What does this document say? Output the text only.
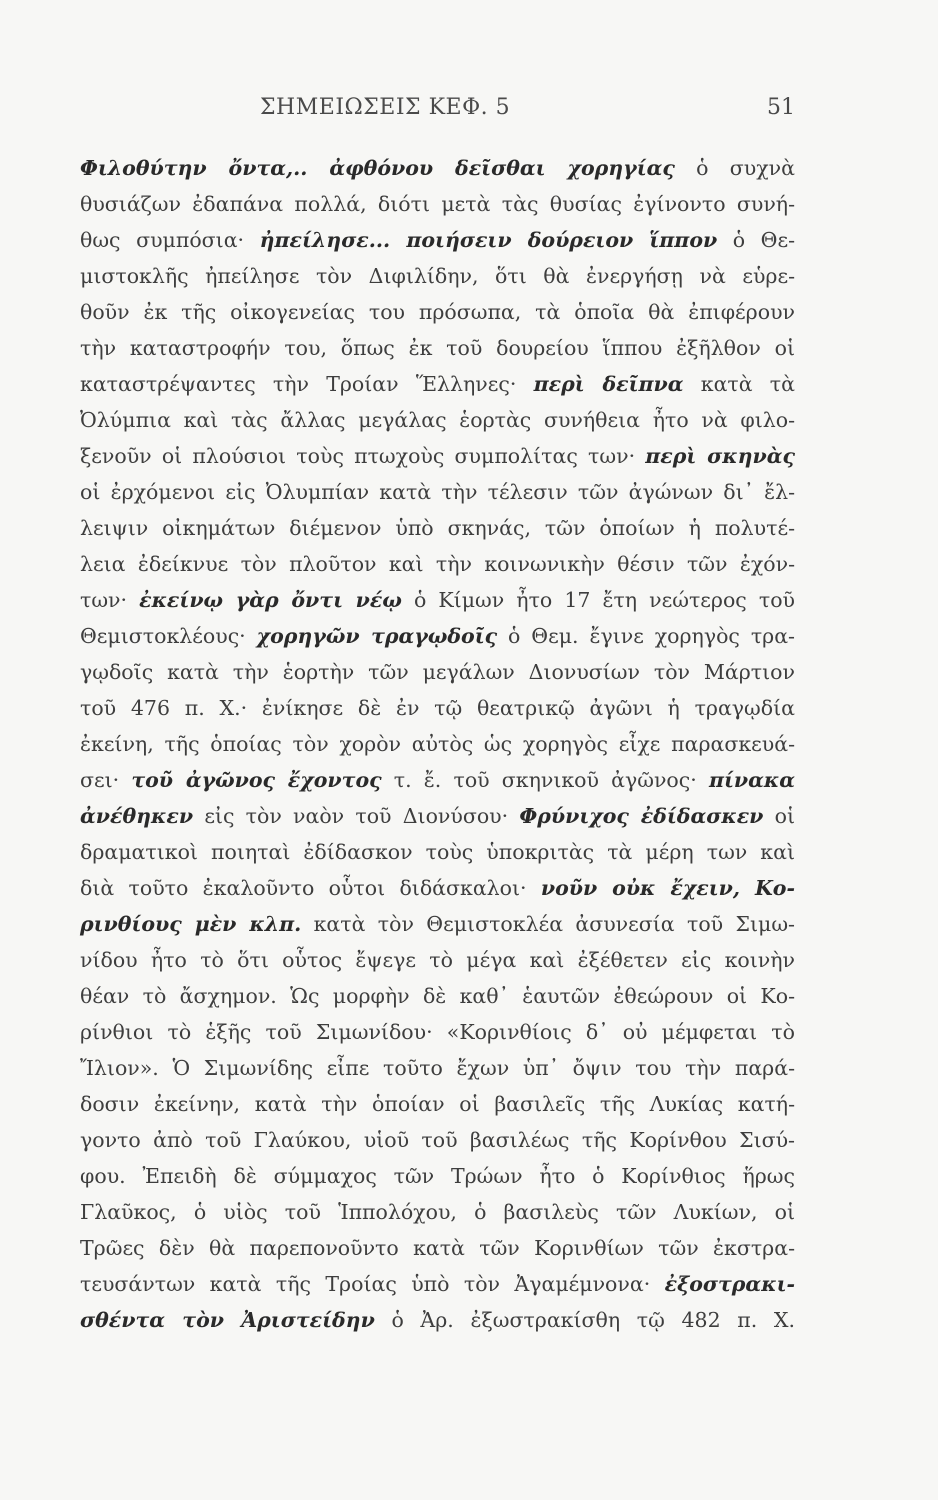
ΣΗΜΕΙΩΣΕΙΣ ΚΕΦ. 5	51
Φιλοθύτην ὄντα,.. ἀφθόνου δεῖσθαι χορηγίας ὁ συχνὰ
θυσιάζων ἐδαπάνα πολλά, διότι μετὰ τὰς θυσίας ἐγίνοντο συνή-
θως συμπόσια· ἠπείλησε... ποιήσειν δούρειον ἵππον ὁ Θε-
μιστοκλῆς ἠπείλησε τὸν Διφιλίδην, ὅτι θὰ ἐνεργήσῃ νὰ εὑρε-
θοῦν ἐκ τῆς οἰκογενείας του πρόσωπα, τὰ ὁποῖα θὰ ἐπιφέρουν
τὴν καταστροφήν του, ὅπως ἐκ τοῦ δουρείου ἵππου ἐξῆλθον οἱ
καταστρέψαντες τὴν Τροίαν Ἕλληνες· περὶ δεῖπνα κατὰ τὰ
Ὀλύμπια καὶ τὰς ἄλλας μεγάλας ἑορτὰς συνήθεια ἦτο νὰ φιλο-
ξενοῦν οἱ πλούσιοι τοὺς πτωχοὺς συμπολίτας των· περὶ σκηνὰς
οἱ ἐρχόμενοι εἰς Ὀλυμπίαν κατὰ τὴν τέλεσιν τῶν ἀγώνων δι᾽ ἔλ-
λειψιν οἰκημάτων διέμενον ὑπὸ σκηνάς, τῶν ὁποίων ἡ πολυτέ-
λεια ἐδείκνυε τὸν πλοῦτον καὶ τὴν κοινωνικὴν θέσιν τῶν ἐχόν-
των· ἐκείνῳ γὰρ ὄντι νέῳ ὁ Κίμων ἦτο 17 ἔτη νεώτερος τοῦ
Θεμιστοκλέους· χορηγῶν τραγῳδοῖς ὁ Θεμ. ἔγινε χορηγὸς τρα-
γῳδοῖς κατὰ τὴν ἑορτὴν τῶν μεγάλων Διονυσίων τὸν Μάρτιον
τοῦ 476 π. Χ.· ἐνίκησε δὲ ἐν τῷ θεατρικῷ ἀγῶνι ἡ τραγῳδία
ἐκείνη, τῆς ὁποίας τὸν χορὸν αὐτὸς ὡς χορηγὸς εἶχε παρασκευά-
σει· τοῦ ἀγῶνος ἔχοντος τ. ἔ. τοῦ σκηνικοῦ ἀγῶνος· πίνακα
ἀνέθηκεν εἰς τὸν ναὸν τοῦ Διονύσου· Φρύνιχος ἐδίδασκεν οἱ
δραματικοὶ ποιηταὶ ἐδίδασκον τοὺς ὑποκριτὰς τὰ μέρη των καὶ
διὰ τοῦτο ἐκαλοῦντο οὗτοι διδάσκαλοι· νοῦν οὐκ ἔχειν, Κο-
ρινθίους μὲν κλπ. κατὰ τὸν Θεμιστοκλέα ἀσυνεσία τοῦ Σιμω-
νίδου ἦτο τὸ ὅτι οὗτος ἔψεγε τὸ μέγα καὶ ἐξέθετεν εἰς κοινὴν
θέαν τὸ ἄσχημον. Ὡς μορφὴν δὲ καθ᾽ ἑαυτῶν ἐθεώρουν οἱ Κο-
ρίνθιοι τὸ ἑξῆς τοῦ Σιμωνίδου· «Κορινθίοις δ᾽ οὐ μέμφεται τὸ
Ἴλιον». Ὁ Σιμωνίδης εἶπε τοῦτο ἔχων ὑπ᾽ ὄψιν του τὴν παρά-
δοσιν ἐκείνην, κατὰ τὴν ὁποίαν οἱ βασιλεῖς τῆς Λυκίας κατή-
γοντο ἀπὸ τοῦ Γλαύκου, υἱοῦ τοῦ βασιλέως τῆς Κορίνθου Σισύ-
φου. Ἐπειδὴ δὲ σύμμαχος τῶν Τρώων ἦτο ὁ Κορίνθιος ἥρως
Γλαῦκος, ὁ υἱὸς τοῦ Ἱππολόχου, ὁ βασιλεὺς τῶν Λυκίων, οἱ
Τρῶες δὲν θὰ παρεπονοῦντο κατὰ τῶν Κορινθίων τῶν ἐκστρα-
τευσάντων κατὰ τῆς Τροίας ὑπὸ τὸν Ἀγαμέμνονα· ἐξοστρακι-
σθέντα τὸν Ἀριστείδην ὁ Ἀρ. ἐξωστρακίσθη τῷ 482 π. Χ.
